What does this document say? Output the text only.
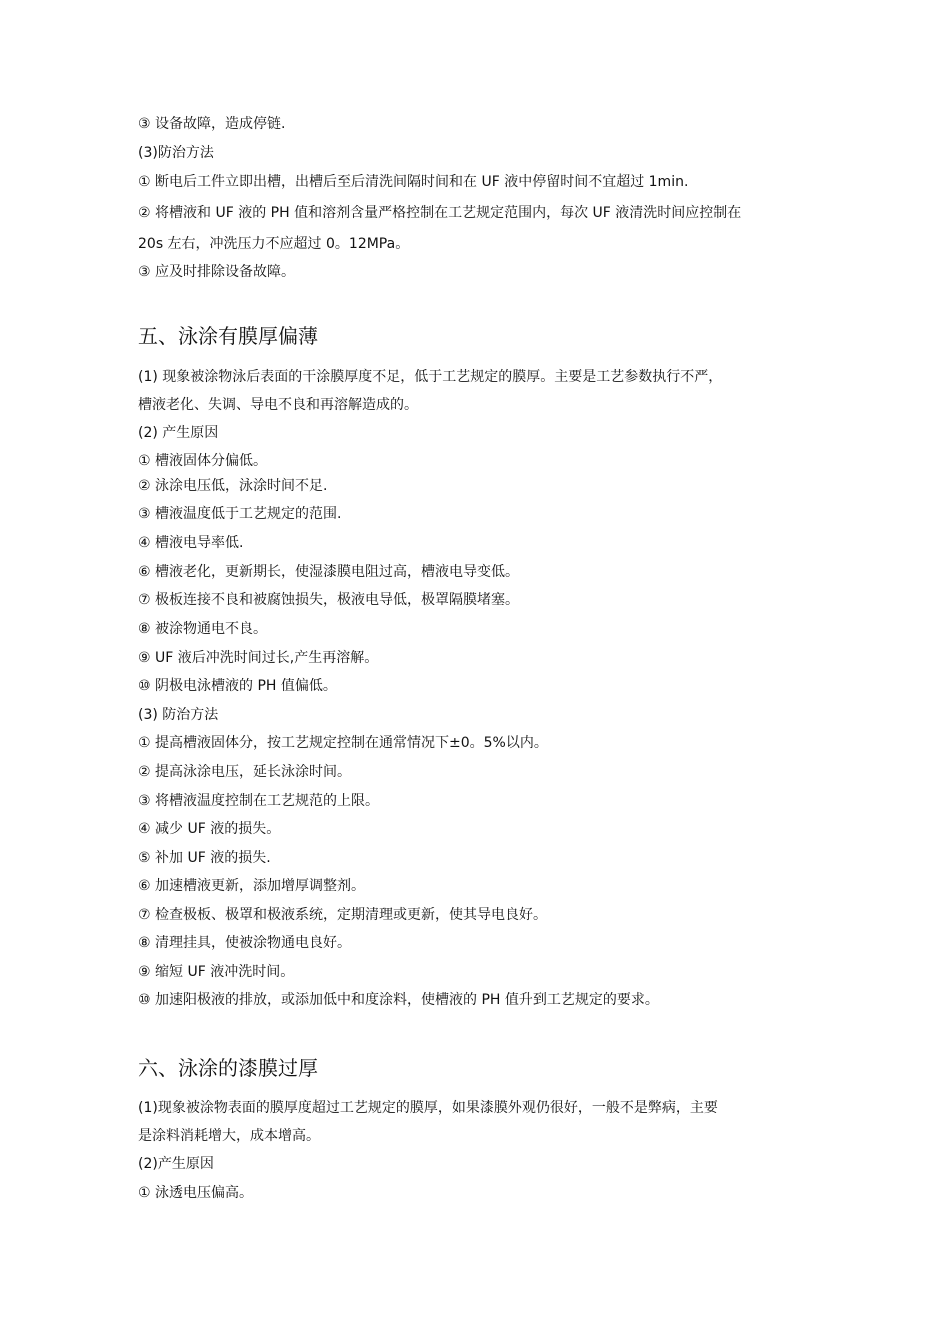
③ 设备故障，造成停链.
(3)防治方法
① 断电后工件立即出槽，出槽后至后清洗间隔时间和在 UF 液中停留时间不宜超过 1min.
② 将槽液和 UF 液的 PH 值和溶剂含量严格控制在工艺规定范围内，每次 UF 液清洗时间应控制在
20s 左右，冲洗压力不应超过 0。12MPa。
③ 应及时排除设备故障。
五、泳涂有膜厚偏薄
(1) 现象被涂物泳后表面的干涂膜厚度不足，低于工艺规定的膜厚。主要是工艺参数执行不严，
槽液老化、失调、导电不良和再溶解造成的。
(2) 产生原因
① 槽液固体分偏低。
② 泳涂电压低，泳涂时间不足.
③ 槽液温度低于工艺规定的范围.
④ 槽液电导率低.
⑥ 槽液老化，更新期长，使湿漆膜电阻过高，槽液电导变低。
⑦ 极板连接不良和被腐蚀损失，极液电导低，极罩隔膜堵塞。
⑧ 被涂物通电不良。
⑨ UF 液后冲洗时间过长,产生再溶解。
⑩ 阴极电泳槽液的 PH 值偏低。
(3) 防治方法
① 提高槽液固体分，按工艺规定控制在通常情况下±0。5%以内。
② 提高泳涂电压，延长泳涂时间。
③ 将槽液温度控制在工艺规范的上限。
④ 减少 UF 液的损失。
⑤ 补加 UF 液的损失.
⑥ 加速槽液更新，添加增厚调整剂。
⑦ 检查极板、极罩和极液系统，定期清理或更新，使其导电良好。
⑧ 清理挂具，使被涂物通电良好。
⑨ 缩短 UF 液冲洗时间。
⑩ 加速阳极液的排放，或添加低中和度涂料，使槽液的 PH 值升到工艺规定的要求。
六、泳涂的漆膜过厚
(1)现象被涂物表面的膜厚度超过工艺规定的膜厚，如果漆膜外观仍很好，一般不是弊病，主要
是涂料消耗增大，成本增高。
(2)产生原因
① 泳透电压偏高。
